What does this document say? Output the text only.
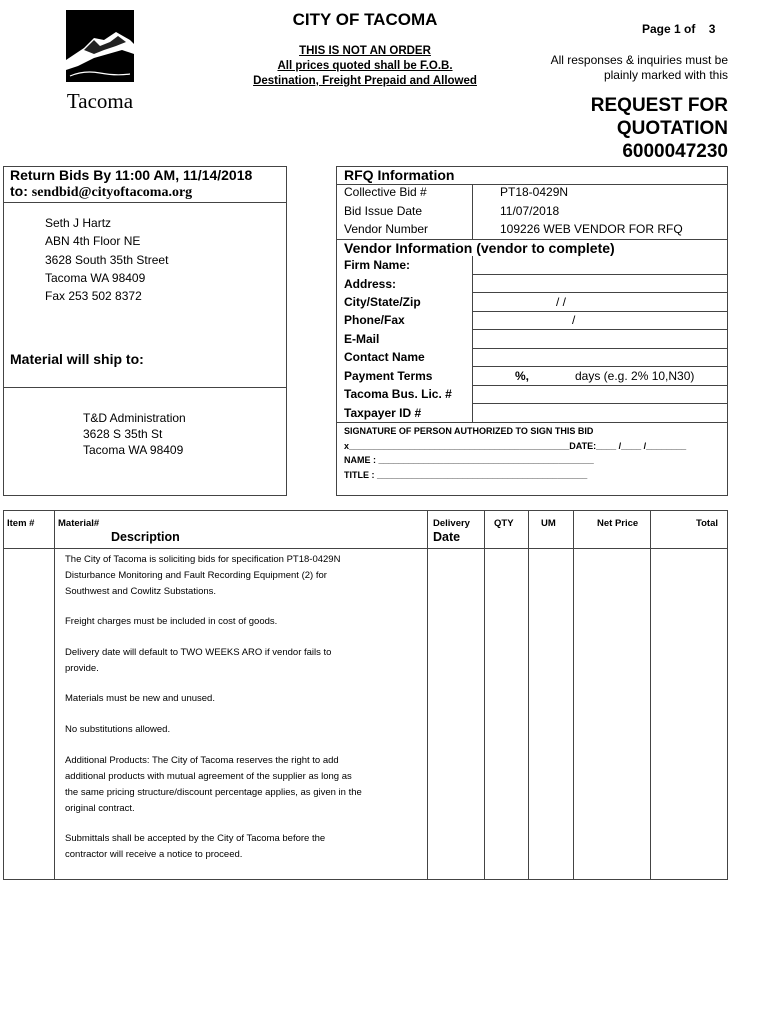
Tacoma
CITY OF TACOMA	Page 1 of 3
THIS IS NOT AN ORDER
All prices quoted shall be F.O.B.
Destination, Freight Prepaid and Allowed
All responses & inquiries must be
plainly marked with this
REQUEST FOR
QUOTATION
6000047230
Return Bids By 11:00 AM, 11/14/2018
to: sendbid@cityoftacoma.org
Seth J Hartz
ABN 4th Floor NE
3628 South 35th Street
Tacoma WA 98409
Fax 253 502 8372
Material will ship to:
T&D Administration
3628 S 35th St
Tacoma WA 98409
RFQ Information
Collective Bid #	PT18-0429N
Bid Issue Date	11/07/2018
Vendor Number	109226 WEB VENDOR FOR RFQ
Vendor Information (vendor to complete)
Firm Name:
Address:
City/State/Zip	/ /
Phone/Fax	/
E-Mail
Contact Name
Payment Terms	%,	days (e.g. 2% 10,N30)
Tacoma Bus. Lic. #
Taxpayer ID #
SIGNATURE OF PERSON AUTHORIZED TO SIGN THIS BID
x____________________________________________DATE:____ /____ /________
NAME : ___________________________________________
TITLE : __________________________________________
Item # Material#
Description
Delivery
Date
QTY	UM	Net Price	Total
The City of Tacoma is soliciting bids for specification PT18-0429N
Disturbance Monitoring and Fault Recording Equipment (2) for
Southwest and Cowlitz Substations.
Freight charges must be included in cost of goods.
Delivery date will default to TWO WEEKS ARO if vendor fails to
provide.
Materials must be new and unused.
No substitutions allowed.
Additional Products: The City of Tacoma reserves the right to add
additional products with mutual agreement of the supplier as long as
the same pricing structure/discount percentage applies, as given in the
original contract.
Submittals shall be accepted by the City of Tacoma before the
contractor will receive a notice to proceed.
